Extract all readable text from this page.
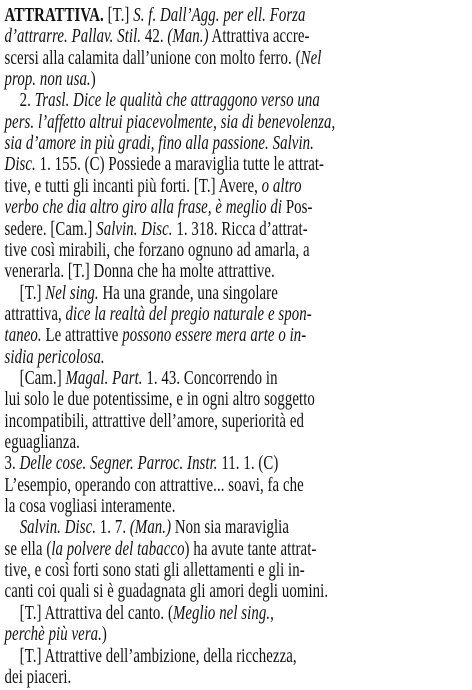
ATTRATTIVA. [T.] S. f. Dall’Agg. per ell. Forza
d’attrarre. Pallav. Stil. 42. (Man.) Attrattiva accre-
scersi alla calamita dall’unione con molto ferro. (Nel
prop. non usa.)
2. Trasl. Dice le qualità che attraggono verso una
pers. l’affetto altrui piacevolmente, sia di benevolenza,
sia d’amore in più gradi, fino alla passione. Salvin.
Disc. 1. 155. (C) Possiede a maraviglia tutte le attrat-
tive, e tutti gli incanti più forti. [T.] Avere, o altro
verbo che dia altro giro alla frase, è meglio di Pos-
sedere. [Cam.] Salvin. Disc. 1. 318. Ricca d’attrat-
tive così mirabili, che forzano ognuno ad amarla, a
venerarla. [T.] Donna che ha molte attrattive.
[T.] Nel sing. Ha una grande, una singolare
attrattiva, dice la realtà del pregio naturale e spon-
taneo. Le attrattive possono essere mera arte o in-
sidia pericolosa.
[Cam.] Magal. Part. 1. 43. Concorrendo in
lui solo le due potentissime, e in ogni altro soggetto
incompatibili, attrattive dell’amore, superiorità ed
eguaglianza.
3. Delle cose. Segner. Parroc. Instr. 11. 1. (C)
L’esempio, operando con attrattive... soavi, fa che
la cosa vogliasi interamente.
Salvin. Disc. 1. 7. (Man.) Non sia maraviglia
se ella (la polvere del tabacco) ha avute tante attrat-
tive, e così forti sono stati gli allettamenti e gli in-
canti coi quali si è guadagnata gli amori degli uomini.
[T.] Attrattiva del canto. (Meglio nel sing.,
perchè più vera.)
[T.] Attrattive dell’ambizione, della ricchezza,
dei piaceri.
